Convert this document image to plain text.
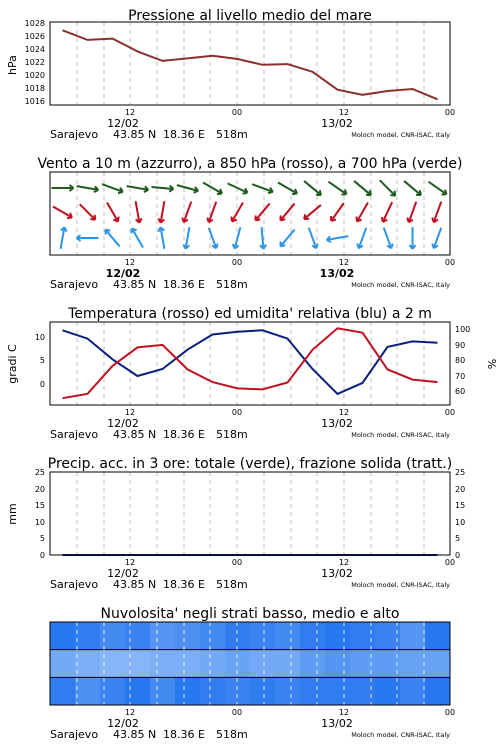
Pressione al livello medio del mare
hPa
1028
1026
1024
1022
1020
1018
1016
12	00	12	00
12/02	13/02
Sarajevo 43.85 N 18.36 E 518m	Moloch model, CNR-ISAC, Italy
Vento a 10 m (azzurro), a 850 hPa (rosso), a 700 hPa (verde)
12	00	12	00
12/02	13/02
Sarajevo 43.85 N 18.36 E 518m	Moloch model, CNR-ISAC, Italy
Temperatura (rosso) ed umidita' relativa (blu) a 2 m
gradi C	%
10
5
0
100
90
80
70
60
12	00	12	00
12/02	13/02
Sarajevo 43.85 N 18.36 E 518m	Moloch model, CNR-ISAC, Italy
Precip. acc. in 3 ore: totale (verde), frazione solida (tratt.)
mm
25
20
15
10
5
0
25
20
15
10
5
0
12	00	12	00
12/02	13/02
Sarajevo 43.85 N 18.36 E 518m	Moloch model, CNR-ISAC, Italy
Nuvolosita' negli strati basso, medio e alto
12	00	12	00
12/02	13/02
Sarajevo 43.85 N 18.36 E 518m	Moloch model, CNR-ISAC, Italy
